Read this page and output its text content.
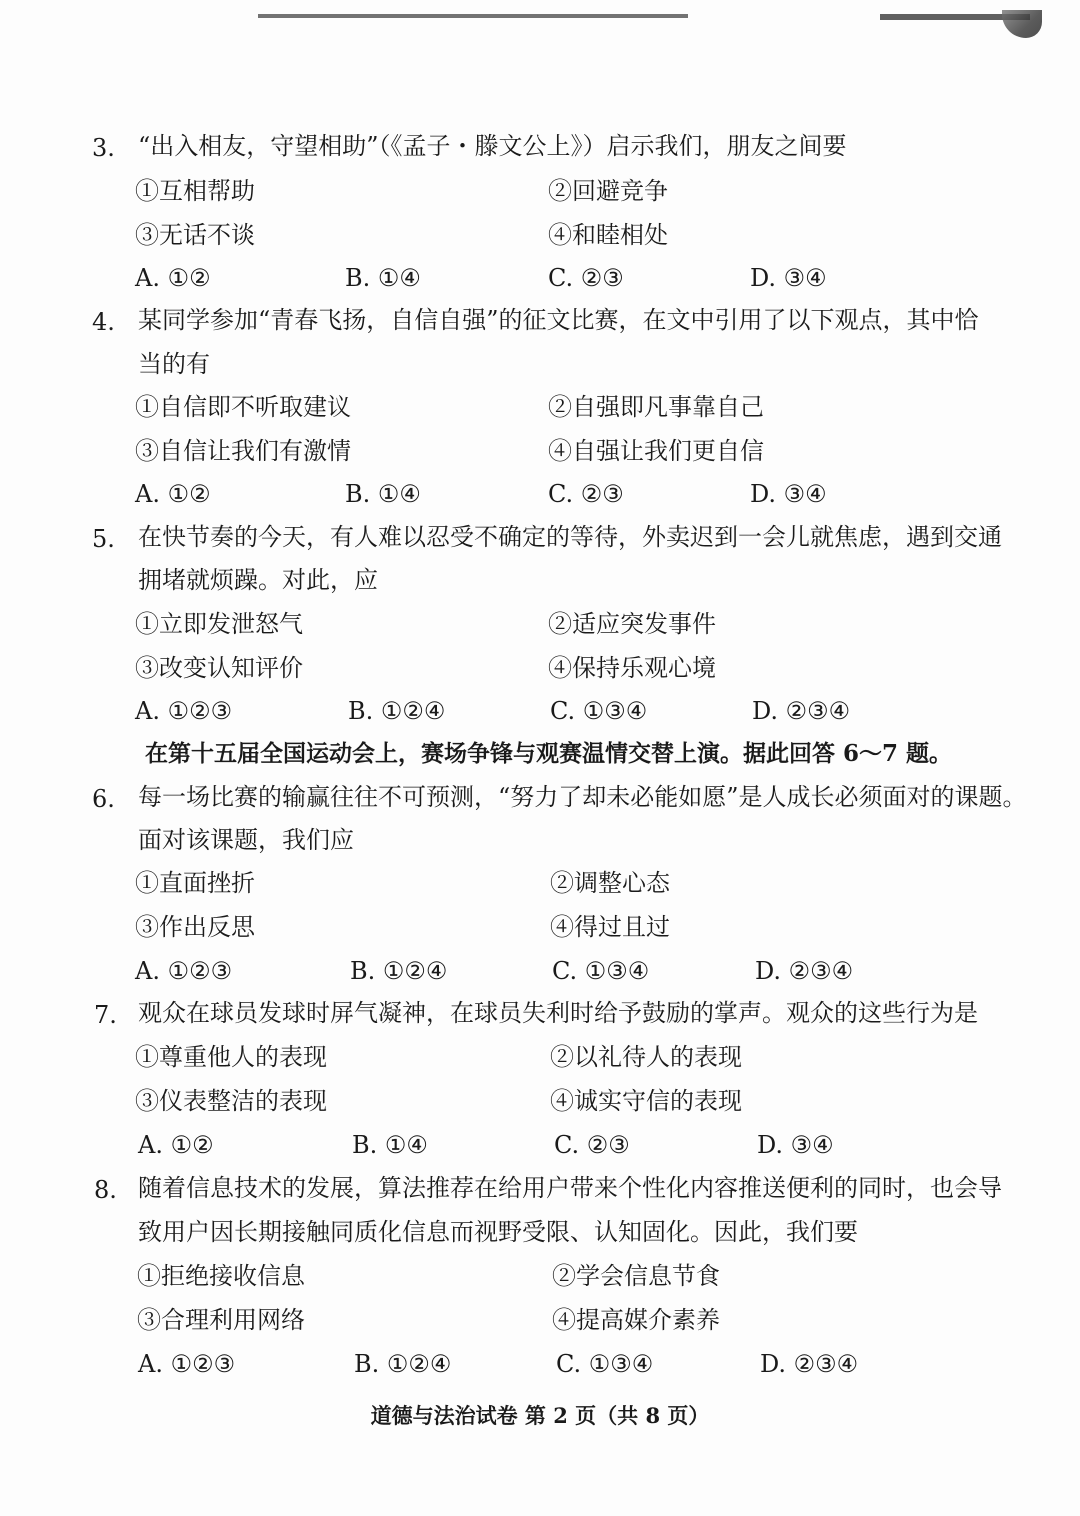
3. “出入相友，守望相助”（《孟子・滕文公上》）启示我们，朋友之间要
①互相帮助	②回避竞争
③无话不谈	④和睦相处
A. ①②	B. ①④	C. ②③	D. ③④
4. 某同学参加“青春飞扬，自信自强”的征文比赛，在文中引用了以下观点，其中恰
当的有
①自信即不听取建议	②自强即凡事靠自己
③自信让我们有激情	④自强让我们更自信
A. ①②	B. ①④	C. ②③	D. ③④
5. 在快节奏的今天，有人难以忍受不确定的等待，外卖迟到一会儿就焦虑，遇到交通
拥堵就烦躁。对此，应
①立即发泄怒气	②适应突发事件
③改变认知评价	④保持乐观心境
A. ①②③	B. ①②④	C. ①③④	D. ②③④
在第十五届全国运动会上，赛场争锋与观赛温情交替上演。据此回答 6～7 题。
6. 每一场比赛的输赢往往不可预测，“努力了却未必能如愿”是人成长必须面对的课题。
面对该课题，我们应
①直面挫折	②调整心态
③作出反思	④得过且过
A. ①②③	B. ①②④	C. ①③④	D. ②③④
7. 观众在球员发球时屏气凝神，在球员失利时给予鼓励的掌声。观众的这些行为是
①尊重他人的表现	②以礼待人的表现
③仪表整洁的表现	④诚实守信的表现
A. ①②	B. ①④	C. ②③	D. ③④
8. 随着信息技术的发展，算法推荐在给用户带来个性化内容推送便利的同时，也会导
致用户因长期接触同质化信息而视野受限、认知固化。因此，我们要
①拒绝接收信息	②学会信息节食
③合理利用网络	④提高媒介素养
A. ①②③	B. ①②④	C. ①③④	D. ②③④
道德与法治试卷 第 2 页（共 8 页）
